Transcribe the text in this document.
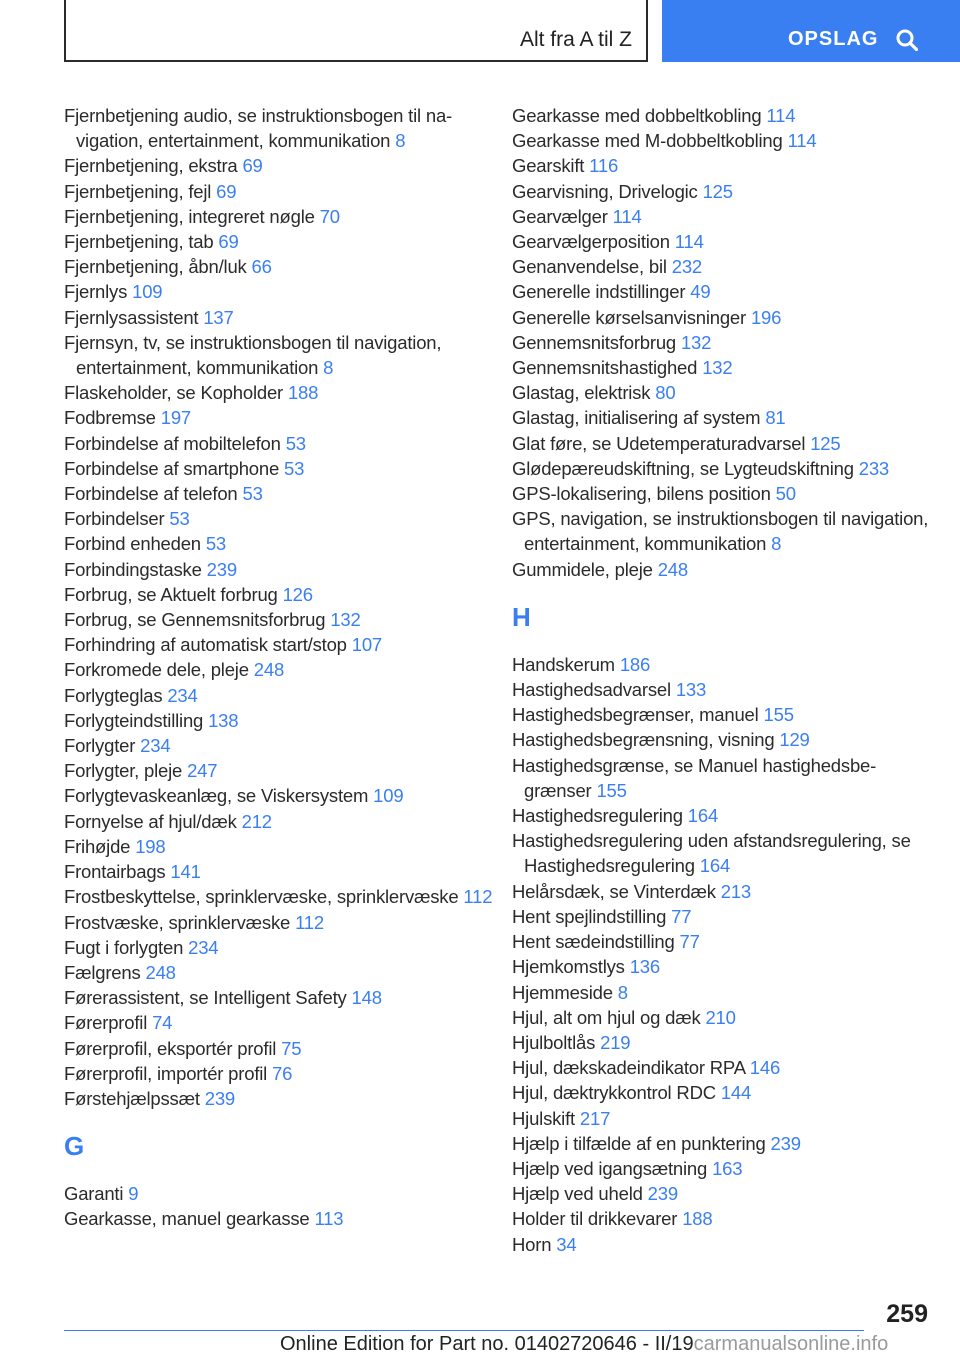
Alt fra A til Z	OPSLAG
Fjernbetjening audio, se instruktionsbogen til navigation, entertainment, kommunikation 8
Fjernbetjening, ekstra 69
Fjernbetjening, fejl 69
Fjernbetjening, integreret nøgle 70
Fjernbetjening, tab 69
Fjernbetjening, åbn/luk 66
Fjernlys 109
Fjernlysassistent 137
Fjernsyn, tv, se instruktionsbogen til navigation, entertainment, kommunikation 8
Flaskeholder, se Kopholder 188
Fodbremse 197
Forbindelse af mobiltelefon 53
Forbindelse af smartphone 53
Forbindelse af telefon 53
Forbindelser 53
Forbind enheden 53
Forbindingstaske 239
Forbrug, se Aktuelt forbrug 126
Forbrug, se Gennemsnitsforbrug 132
Forhindring af automatisk start/stop 107
Forkromede dele, pleje 248
Forlygteglas 234
Forlygteindstilling 138
Forlygter 234
Forlygter, pleje 247
Forlygtevaskeanlæg, se Viskersystem 109
Fornyelse af hjul/dæk 212
Frihøjde 198
Frontairbags 141
Frostbeskyttelse, sprinklervæske, sprinklervæske 112
Frostvæske, sprinklervæske 112
Fugt i forlygten 234
Fælgrens 248
Førerassistent, se Intelligent Safety 148
Førerprofil 74
Førerprofil, eksportér profil 75
Førerprofil, importér profil 76
Førstehjælpssæt 239
G
Garanti 9
Gearkasse, manuel gearkasse 113
Gearkasse med dobbeltkobling 114
Gearkasse med M-dobbeltkobling 114
Gearskift 116
Gearvisning, Drivelogic 125
Gearvælger 114
Gearvælgerposition 114
Genanvendelse, bil 232
Generelle indstillinger 49
Generelle kørselsanvisninger 196
Gennemsnitsforbrug 132
Gennemsnitshastighed 132
Glastag, elektrisk 80
Glastag, initialisering af system 81
Glat føre, se Udetemperaturadvarsel 125
Glødepæreudskiftning, se Lygteudskiftning 233
GPS-lokalisering, bilens position 50
GPS, navigation, se instruktionsbogen til navigation, entertainment, kommunikation 8
Gummidele, pleje 248
H
Handskerum 186
Hastighedsadvarsel 133
Hastighedsbegrænser, manuel 155
Hastighedsbegrænsning, visning 129
Hastighedsgrænse, se Manuel hastighedsbegrænser 155
Hastighedsregulering 164
Hastighedsregulering uden afstandsregulering, se Hastighedsregulering 164
Helårsdæk, se Vinterdæk 213
Hent spejlindstilling 77
Hent sædeindstilling 77
Hjemkomstlys 136
Hjemmeside 8
Hjul, alt om hjul og dæk 210
Hjulboltlås 219
Hjul, dækskadeindikator RPA 146
Hjul, dæktrykkontrol RDC 144
Hjulskift 217
Hjælp i tilfælde af en punktering 239
Hjælp ved igangsætning 163
Hjælp ved uheld 239
Holder til drikkevarer 188
Horn 34
259
Online Edition for Part no. 01402720646 - II/19carmanualsonline.info
